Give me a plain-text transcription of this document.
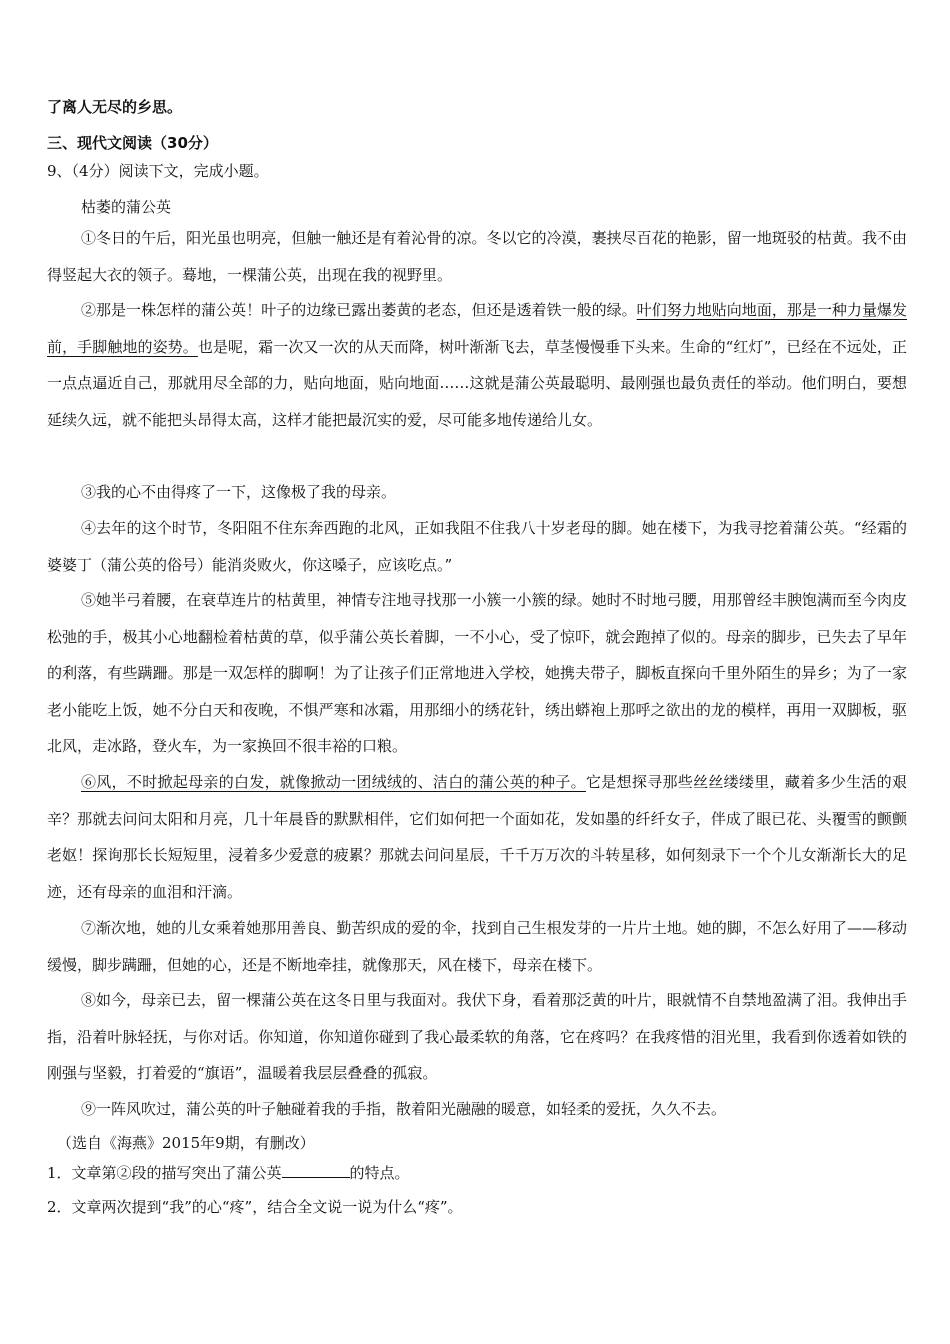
了离人无尽的乡思。
三、现代文阅读（30分）
9、（4分）阅读下文，完成小题。
枯萎的蒲公英
①冬日的午后，阳光虽也明亮，但触一触还是有着沁骨的凉。冬以它的冷漠，裹挟尽百花的艳影，留一地斑驳的枯黄。我不由得竖起大衣的领子。蓦地，一棵蒲公英，出现在我的视野里。
②那是一株怎样的蒲公英！叶子的边缘已露出萎黄的老态，但还是透着铁一般的绿。叶们努力地贴向地面，那是一种力量爆发前，手脚触地的姿势。也是呢，霜一次又一次的从天而降，树叶渐渐飞去，草茎慢慢垂下头来。生命的“红灯”，已经在不远处，正一点点逼近自己，那就用尽全部的力，贴向地面，贴向地面……这就是蒲公英最聪明、最刚强也最负责任的举动。他们明白，要想延续久远，就不能把头昂得太高，这样才能把最沉实的爱，尽可能多地传递给儿女。
③我的心不由得疼了一下，这像极了我的母亲。
④去年的这个时节，冬阳阻不住东奔西跑的北风，正如我阻不住我八十岁老母的脚。她在楼下，为我寻挖着蒲公英。“经霜的婆婆丁（蒲公英的俗号）能消炎败火，你这嗓子，应该吃点。”
⑤她半弓着腰，在衰草连片的枯黄里，神情专注地寻找那一小簇一小簇的绿。她时不时地弓腰，用那曾经丰腴饱满而至今肉皮松弛的手，极其小心地翻检着枯黄的草，似乎蒲公英长着脚，一不小心，受了惊吓，就会跑掉了似的。母亲的脚步，已失去了早年的利落，有些蹒跚。那是一双怎样的脚啊！为了让孩子们正常地进入学校，她携夫带子，脚板直探向千里外陌生的异乡；为了一家老小能吃上饭，她不分白天和夜晚，不惧严寒和冰霜，用那细小的绣花针，绣出蟒袍上那呼之欲出的龙的模样，再用一双脚板，驱北风，走冰路，登火车，为一家换回不很丰裕的口粮。
⑥风，不时掀起母亲的白发，就像掀动一团绒绒的、洁白的蒲公英的种子。它是想探寻那些丝丝缕缕里，藏着多少生活的艰辛？那就去问问太阳和月亮，几十年晨昏的默默相伴，它们如何把一个面如花，发如墨的纤纤女子，伴成了眼已花、头覆雪的颤颤老妪！探询那长长短短里，浸着多少爱意的疲累？那就去问问星辰，千千万万次的斗转星移，如何刻录下一个个儿女渐渐长大的足迹，还有母亲的血泪和汗滴。
⑦渐次地，她的儿女乘着她那用善良、勤苦织成的爱的伞，找到自己生根发芽的一片片土地。她的脚，不怎么好用了——移动缓慢，脚步蹒跚，但她的心，还是不断地牵挂，就像那天，风在楼下，母亲在楼下。
⑧如今，母亲已去，留一棵蒲公英在这冬日里与我面对。我伏下身，看着那泛黄的叶片，眼就情不自禁地盈满了泪。我伸出手指，沿着叶脉轻抚，与你对话。你知道，你知道你碰到了我心最柔软的角落，它在疼吗？在我疼惜的泪光里，我看到你透着如铁的刚强与坚毅，打着爱的“旗语”，温暖着我层层叠叠的孤寂。
⑨一阵风吹过，蒲公英的叶子触碰着我的手指，散着阳光融融的暖意，如轻柔的爱抚，久久不去。
（选自《海燕》2015年9期，有删改）
1．文章第②段的描写突出了蒲公英	的特点。
2．文章两次提到“我”的心“疼”，结合全文说一说为什么“疼”。
